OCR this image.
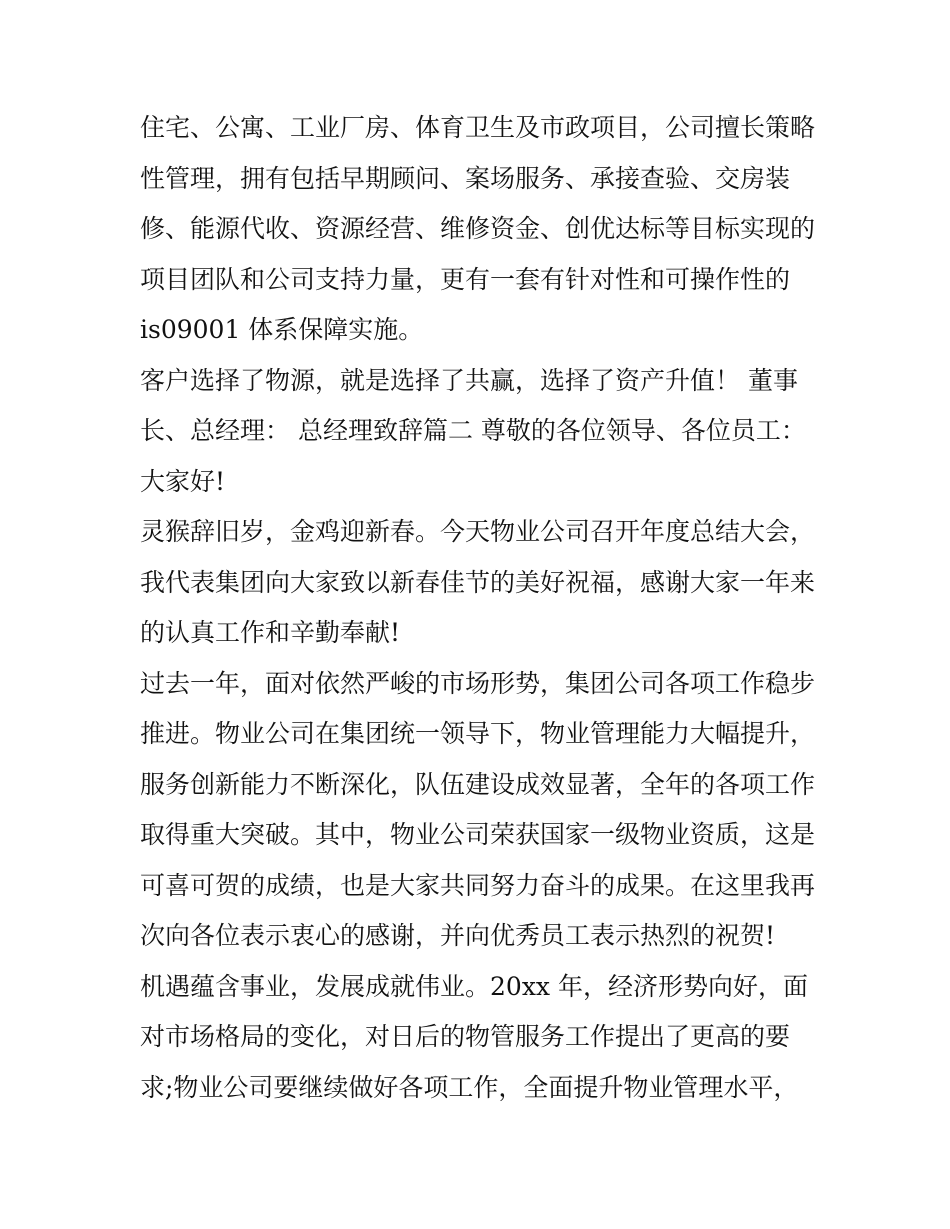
住宅、公寓、工业厂房、体育卫生及市政项目，公司擅长策略
性管理，拥有包括早期顾问、案场服务、承接查验、交房装
修、能源代收、资源经营、维修资金、创优达标等目标实现的
项目团队和公司支持力量，更有一套有针对性和可操作性的
is09001 体系保障实施。
客户选择了物源，就是选择了共赢，选择了资产升值！ 董事
长、总经理： 总经理致辞篇二 尊敬的各位领导、各位员工：
大家好!
灵猴辞旧岁，金鸡迎新春。今天物业公司召开年度总结大会，
我代表集团向大家致以新春佳节的美好祝福，感谢大家一年来
的认真工作和辛勤奉献!
过去一年，面对依然严峻的市场形势，集团公司各项工作稳步
推进。物业公司在集团统一领导下，物业管理能力大幅提升，
服务创新能力不断深化，队伍建设成效显著，全年的各项工作
取得重大突破。其中，物业公司荣获国家一级物业资质，这是
可喜可贺的成绩，也是大家共同努力奋斗的成果。在这里我再
次向各位表示衷心的感谢，并向优秀员工表示热烈的祝贺!
机遇蕴含事业，发展成就伟业。20xx 年，经济形势向好，面
对市场格局的变化，对日后的物管服务工作提出了更高的要
求;物业公司要继续做好各项工作，全面提升物业管理水平，
